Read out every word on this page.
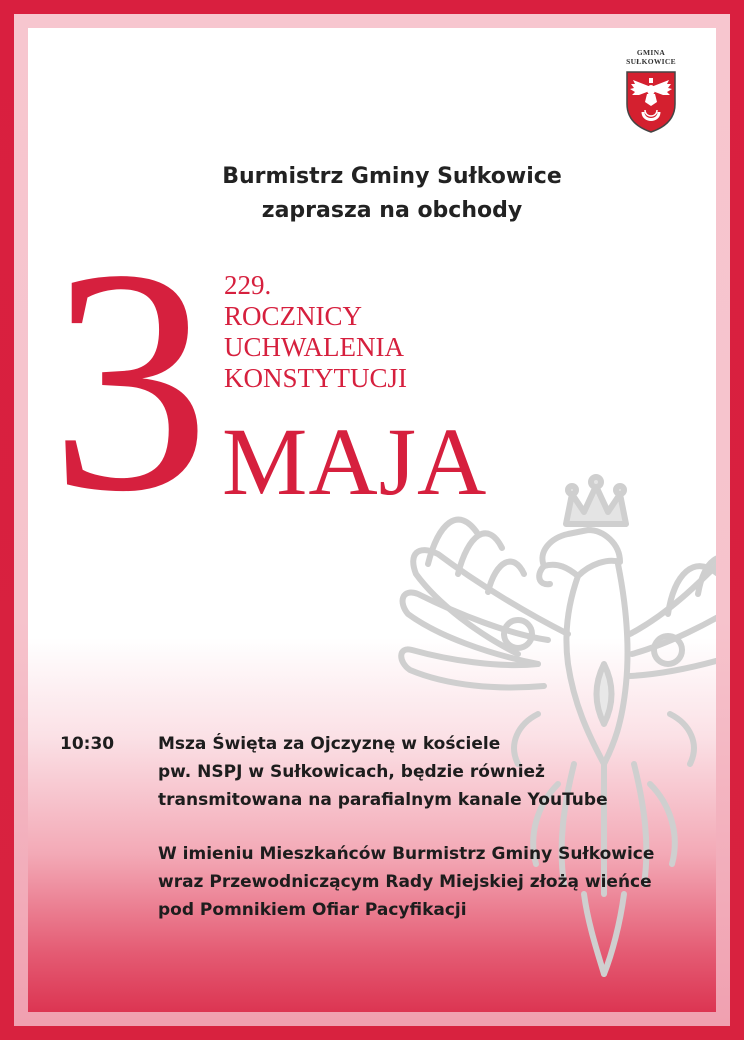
GMINA
SUŁKOWICE
Burmistrz Gminy Sułkowice
zaprasza na obchody
3 229.
ROCZNICY
UCHWALENIA
KONSTYTUCJI
MAJA
10:30	Msza Święta za Ojczyznę w kościele
pw. NSPJ w Sułkowicach, będzie również
transmitowana na parafialnym kanale YouTube
W imieniu Mieszkańców Burmistrz Gminy Sułkowice
wraz Przewodniczącym Rady Miejskiej złożą wieńce
pod Pomnikiem Ofiar Pacyfikacji
